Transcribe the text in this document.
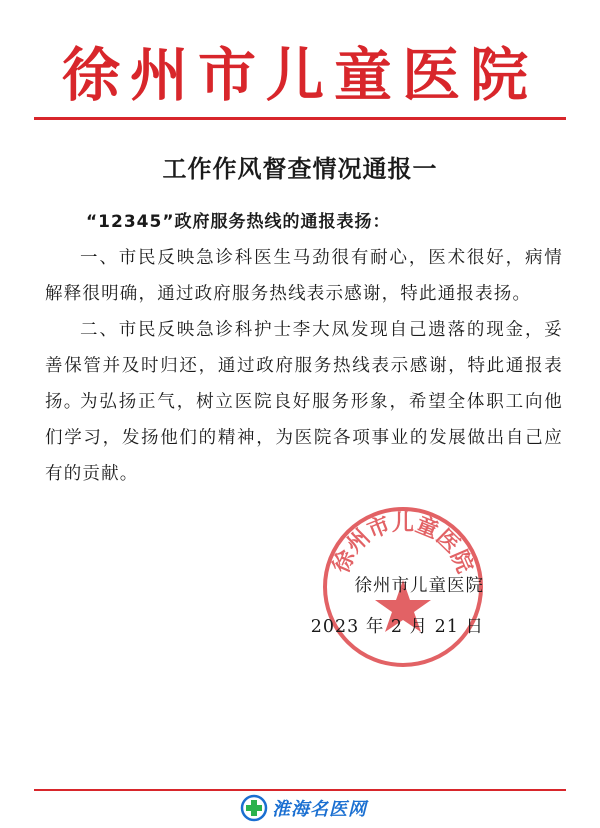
徐州市儿童医院
工作作风督查情况通报一
“12345”政府服务热线的通报表扬：
一、市民反映急诊科医生马劲很有耐心，医术很好，病情解释很明确，通过政府服务热线表示感谢，特此通报表扬。
二、市民反映急诊科护士李大凤发现自己遗落的现金，妥善保管并及时归还，通过政府服务热线表示感谢，特此通报表扬。
为弘扬正气，树立医院良好服务形象，希望全体职工向他们学习，发扬他们的精神，为医院各项事业的发展做出自己应有的贡献。
徐州市儿童医院
徐州市儿童医院
2023 年 2 月 21 日
淮海名医网
